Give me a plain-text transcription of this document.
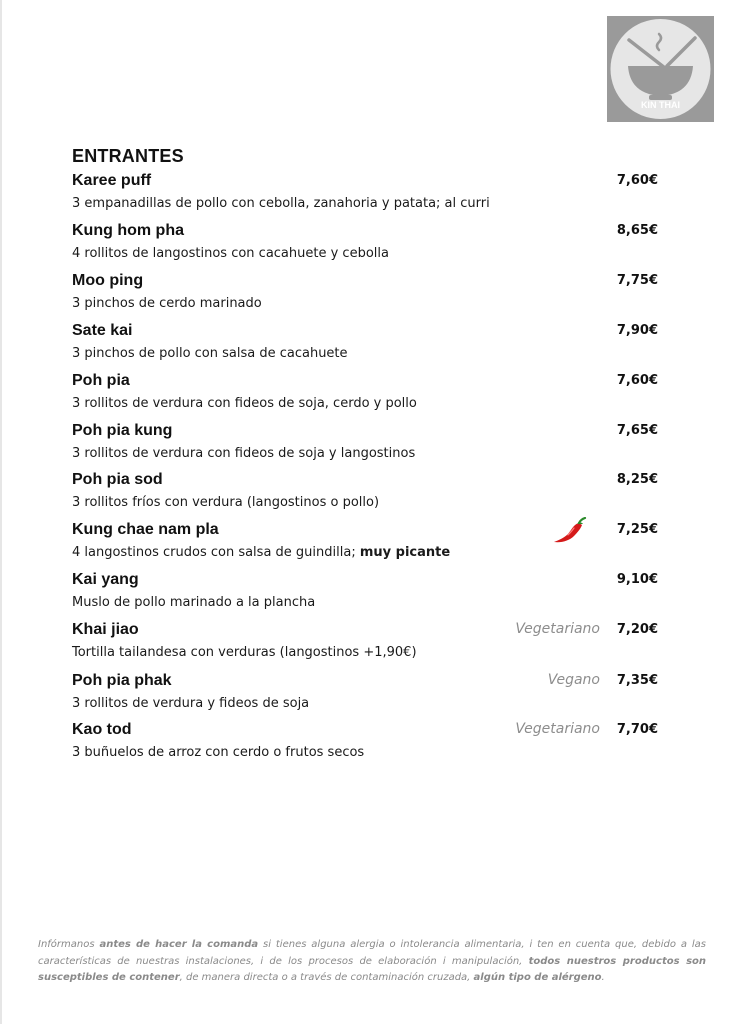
KIN THAI
ENTRANTES
Karee puff	7,60€
3 empanadillas de pollo con cebolla, zanahoria y patata; al curri
Kung hom pha	8,65€
4 rollitos de langostinos con cacahuete y cebolla
Moo ping	7,75€
3 pinchos de cerdo marinado
Sate kai	7,90€
3 pinchos de pollo con salsa de cacahuete
Poh pia	7,60€
3 rollitos de verdura con fideos de soja, cerdo y pollo
Poh pia kung	7,65€
3 rollitos de verdura con fideos de soja y langostinos
Poh pia sod	8,25€
3 rollitos fríos con verdura (langostinos o pollo)
Kung chae nam pla	7,25€
4 langostinos crudos con salsa de guindilla; muy picante
Kai yang	9,10€
Muslo de pollo marinado a la plancha
Khai jiao	Vegetariano 7,20€
Tortilla tailandesa con verduras (langostinos +1,90€)
Poh pia phak	Vegano 7,35€
3 rollitos de verdura y fideos de soja
Kao tod	Vegetariano 7,70€
3 buñuelos de arroz con cerdo o frutos secos
Infórmanos antes de hacer la comanda si tienes alguna alergia o intolerancia alimentaria, i ten en cuenta que, debido a las características de nuestras instalaciones, i de los procesos de elaboración i manipulación, todos nuestros productos son susceptibles de contener, de manera directa o a través de contaminación cruzada, algún tipo de alérgeno.
